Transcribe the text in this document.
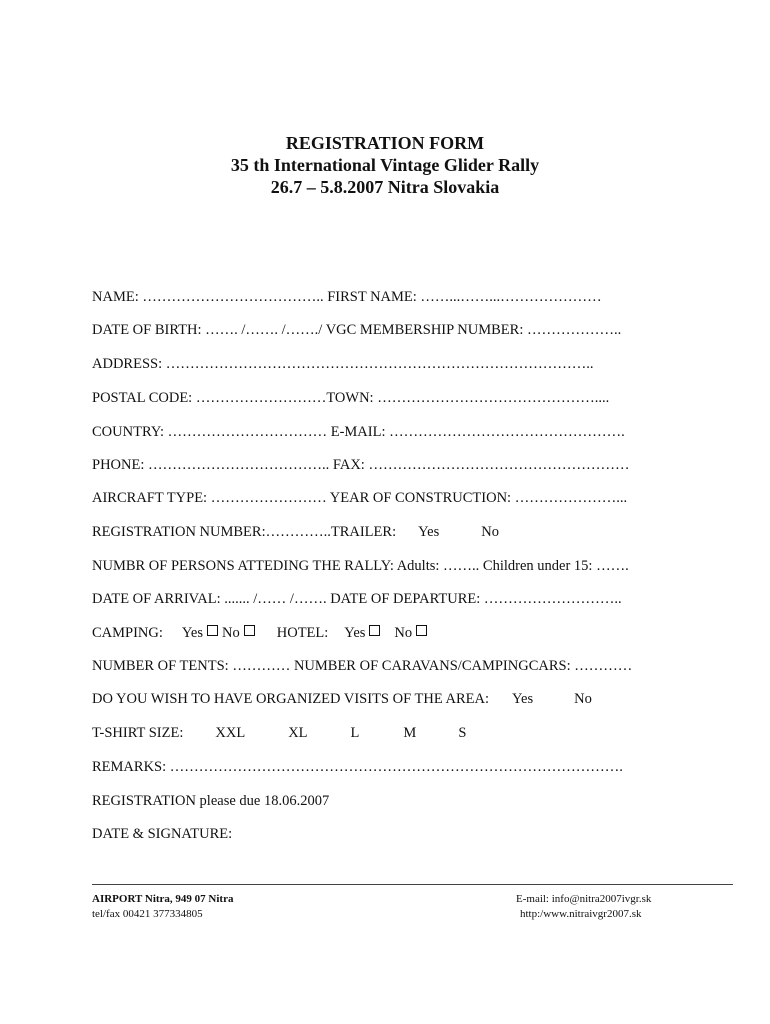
REGISTRATION FORM
35 th International Vintage Glider Rally
26.7 – 5.8.2007 Nitra Slovakia
NAME: ……………………………….. FIRST NAME: ……...……...…………………
DATE OF BIRTH: ……. /……. /……./ VGC MEMBERSHIP NUMBER: ………………..
ADDRESS: ……………………………………………………………………………..
POSTAL CODE: ………………………TOWN: ………………………………………....
COUNTRY: …………………………… E-MAIL: ………………………………………….
PHONE: ……………………………….. FAX: ………………………………………………
AIRCRAFT TYPE: …………………… YEAR OF CONSTRUCTION: …………………...
REGISTRATION NUMBER:…………..TRAILER: Yes	No
NUMBR OF PERSONS ATTEDING THE RALLY: Adults: …….. Children under 15: …….
DATE OF ARRIVAL: ....... /…… /……. DATE OF DEPARTURE: ………………………..
CAMPING: Yes No	HOTEL: Yes No
NUMBER OF TENTS: ………… NUMBER OF CARAVANS/CAMPINGCARS: …………
DO YOU WISH TO HAVE ORGANIZED VISITS OF THE AREA: Yes	No
T-SHIRT SIZE: XXL	XL	L	M	S
REMARKS: ………………………………………………………………………………….
REGISTRATION please due 18.06.2007
DATE & SIGNATURE:
AIRPORT Nitra, 949 07 Nitra
tel/fax 00421 377334805
E-mail: info@nitra2007ivgr.sk
http:/www.nitraivgr2007.sk
